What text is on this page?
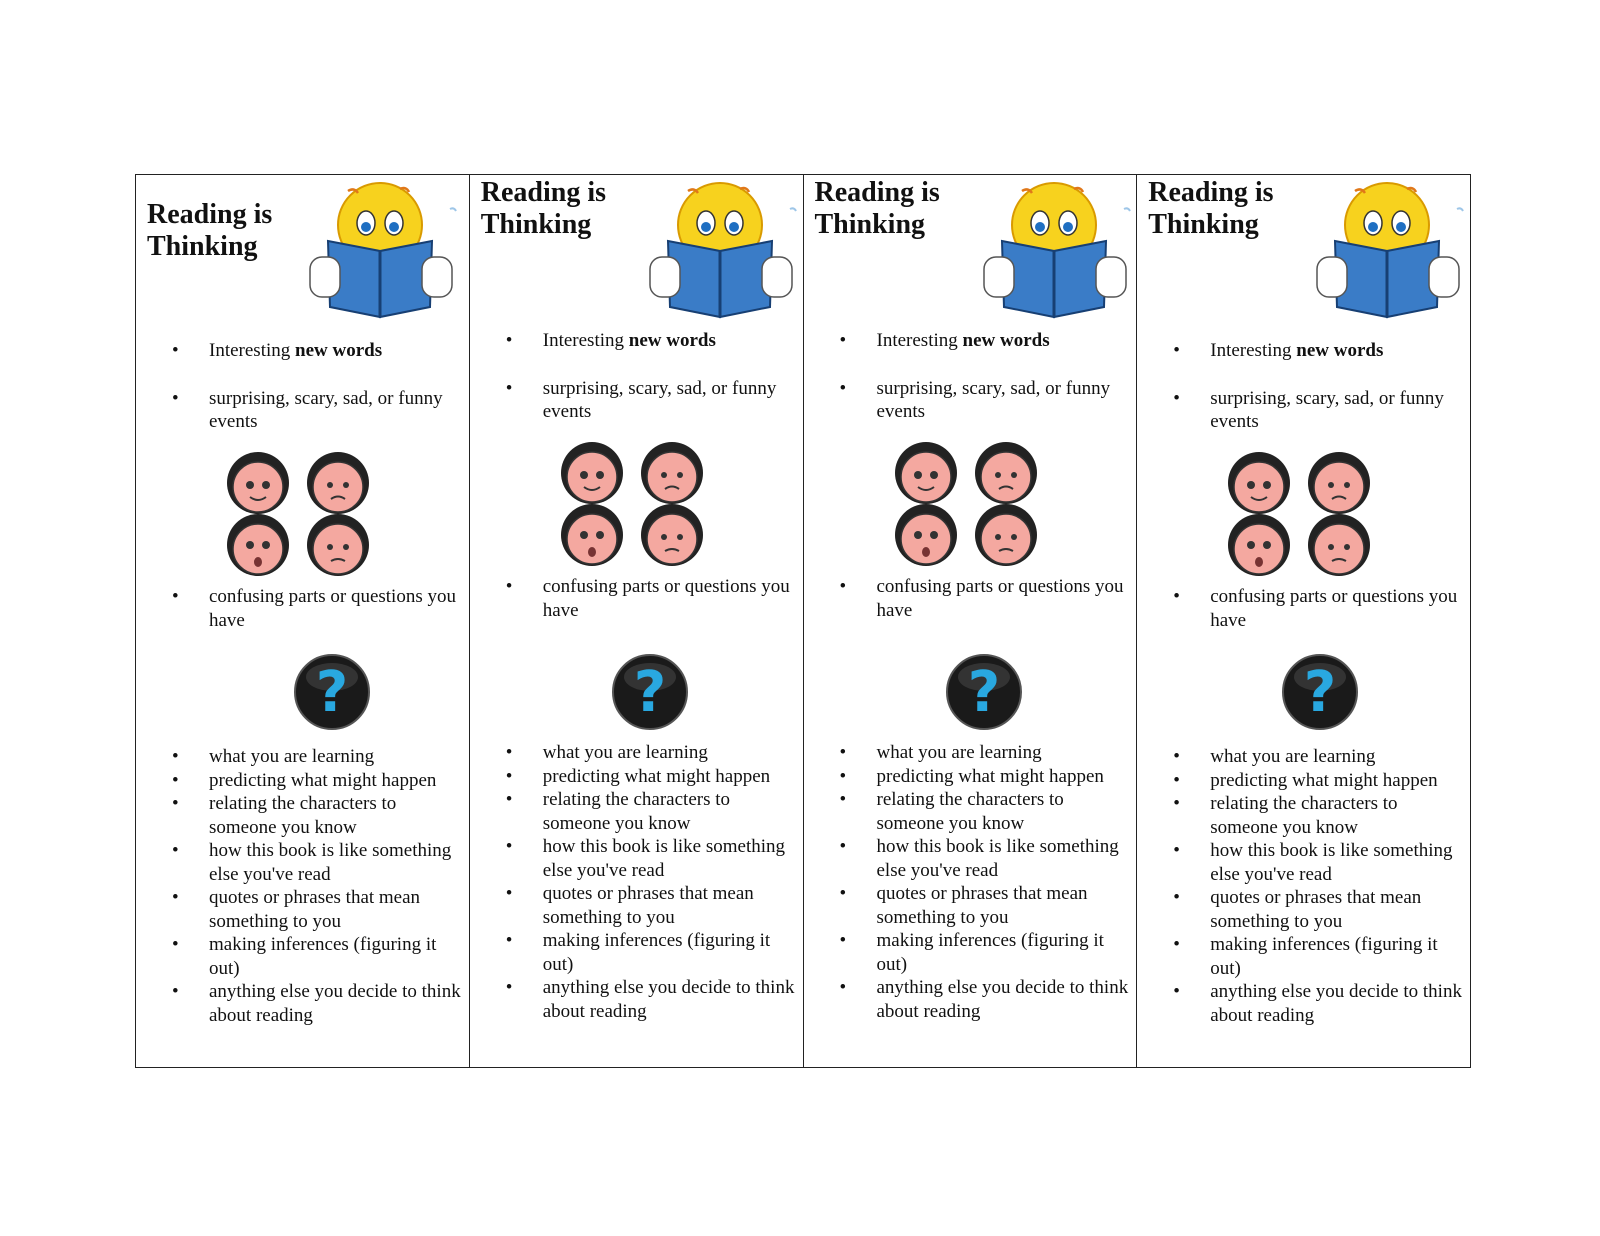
Reading is
Thinking
• Interesting new words
• surprising, scary, sad, or funny events
• confusing parts or questions you have
?
• what you are learning
• predicting what might happen
• relating the characters to someone you know
• how this book is like something else you've read
• quotes or phrases that mean something to you
• making inferences (figuring it out)
• anything else you decide to think about reading
Reading is
Thinking
• Interesting new words
• surprising, scary, sad, or funny events
• confusing parts or questions you have
?
• what you are learning
• predicting what might happen
• relating the characters to someone you know
• how this book is like something else you've read
• quotes or phrases that mean something to you
• making inferences (figuring it out)
• anything else you decide to think about reading
Reading is
Thinking
• Interesting new words
• surprising, scary, sad, or funny events
• confusing parts or questions you have
?
• what you are learning
• predicting what might happen
• relating the characters to someone you know
• how this book is like something else you've read
• quotes or phrases that mean something to you
• making inferences (figuring it out)
• anything else you decide to think about reading
Reading is
Thinking
• Interesting new words
• surprising, scary, sad, or funny events
• confusing parts or questions you have
?
• what you are learning
• predicting what might happen
• relating the characters to someone you know
• how this book is like something else you've read
• quotes or phrases that mean something to you
• making inferences (figuring it out)
• anything else you decide to think about reading
